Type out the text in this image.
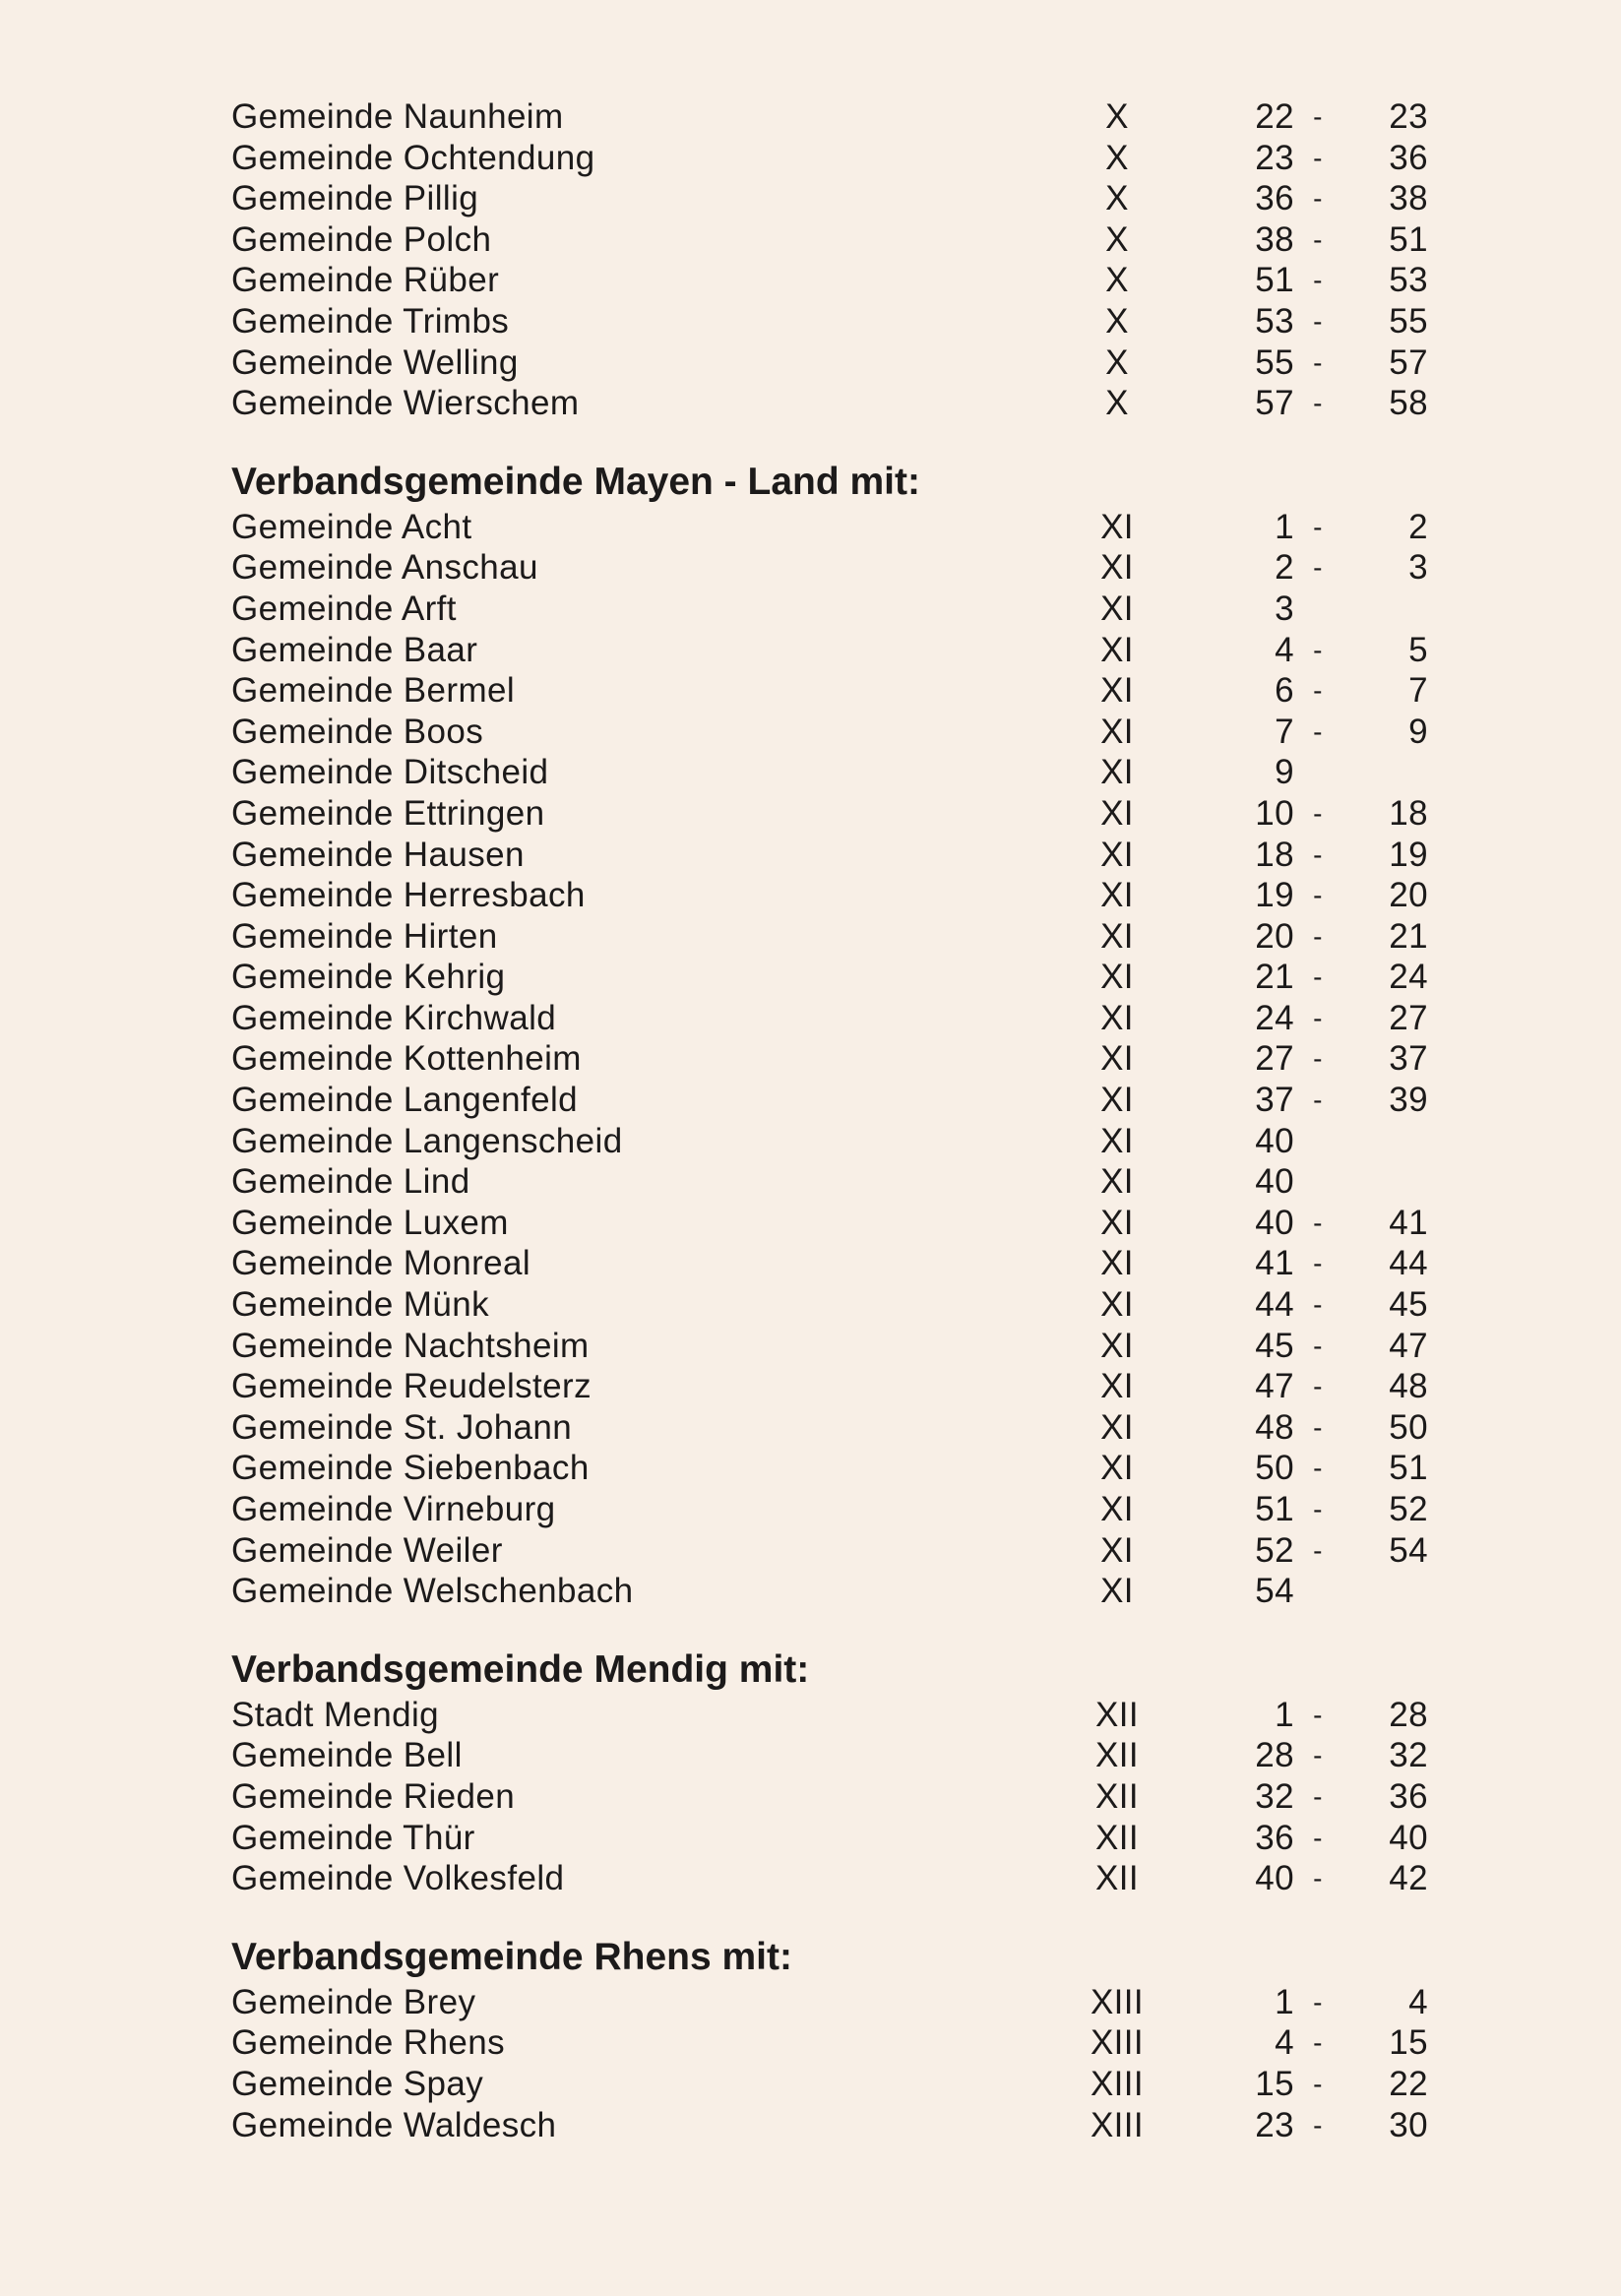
Gemeinde Naunheim	X	22 -	23
Gemeinde Ochtendung	X	23 -	36
Gemeinde Pillig	X	36 -	38
Gemeinde Polch	X	38 -	51
Gemeinde Rüber	X	51 -	53
Gemeinde Trimbs	X	53 -	55
Gemeinde Welling	X	55 -	57
Gemeinde Wierschem	X	57 -	58
Verbandsgemeinde Mayen - Land mit:
Gemeinde Acht	XI	1 -	2
Gemeinde Anschau	XI	2 -	3
Gemeinde Arft	XI	3
Gemeinde Baar	XI	4 -	5
Gemeinde Bermel	XI	6 -	7
Gemeinde Boos	XI	7 -	9
Gemeinde Ditscheid	XI	9
Gemeinde Ettringen	XI	10 -	18
Gemeinde Hausen	XI	18 -	19
Gemeinde Herresbach	XI	19 -	20
Gemeinde Hirten	XI	20 -	21
Gemeinde Kehrig	XI	21 -	24
Gemeinde Kirchwald	XI	24 -	27
Gemeinde Kottenheim	XI	27 -	37
Gemeinde Langenfeld	XI	37 -	39
Gemeinde Langenscheid	XI	40
Gemeinde Lind	XI	40
Gemeinde Luxem	XI	40 -	41
Gemeinde Monreal	XI	41 -	44
Gemeinde Münk	XI	44 -	45
Gemeinde Nachtsheim	XI	45 -	47
Gemeinde Reudelsterz	XI	47 -	48
Gemeinde St. Johann	XI	48 -	50
Gemeinde Siebenbach	XI	50 -	51
Gemeinde Virneburg	XI	51 -	52
Gemeinde Weiler	XI	52 -	54
Gemeinde Welschenbach	XI	54
Verbandsgemeinde Mendig mit:
Stadt Mendig	XII	1 -	28
Gemeinde Bell	XII	28 -	32
Gemeinde Rieden	XII	32 -	36
Gemeinde Thür	XII	36 -	40
Gemeinde Volkesfeld	XII	40 -	42
Verbandsgemeinde Rhens mit:
Gemeinde Brey	XIII	1 -	4
Gemeinde Rhens	XIII	4 -	15
Gemeinde Spay	XIII	15 -	22
Gemeinde Waldesch	XIII	23 -	30
